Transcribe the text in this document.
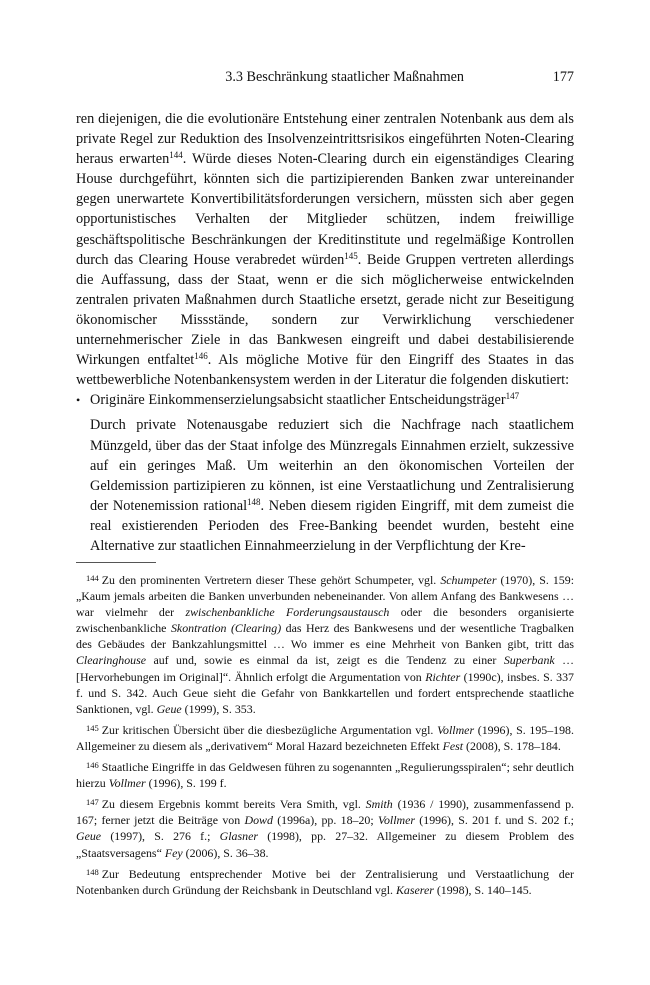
3.3 Beschränkung staatlicher Maßnahmen	177

ren diejenigen, die die evolutionäre Entstehung einer zentralen Notenbank aus dem als private Regel zur Reduktion des Insolvenzeintrittsrisikos eingeführten Noten-Clearing heraus erwarten$^{144}$. Würde dieses Noten-Clearing durch ein eigenständiges Clearing House durchgeführt, könnten sich die partizipierenden Banken zwar untereinander gegen unerwartete Konvertibilitätsforderungen versichern, müssten sich aber gegen opportunistisches Verhalten der Mitglieder schützen, indem freiwillige geschäftspolitische Beschränkungen der Kreditinstitute und regelmäßige Kontrollen durch das Clearing House verabredet würden$^{145}$. Beide Gruppen vertreten allerdings die Auffassung, dass der Staat, wenn er die sich möglicherweise entwickelnden zentralen privaten Maßnahmen durch Staatliche ersetzt, gerade nicht zur Beseitigung ökonomischer Missstände, sondern zur Verwirklichung verschiedener unternehmerischer Ziele in das Bankwesen eingreift und dabei destabilisierende Wirkungen entfaltet$^{146}$. Als mögliche Motive für den Eingriff des Staates in das wettbewerbliche Notenbankensystem werden in der Literatur die folgenden diskutiert:

• Originäre Einkommenserzielungsabsicht staatlicher Entscheidungsträger$^{147}$

Durch private Notenausgabe reduziert sich die Nachfrage nach staatlichem Münzgeld, über das der Staat infolge des Münzregals Einnahmen erzielt, sukzessive auf ein geringes Maß. Um weiterhin an den ökonomischen Vorteilen der Geldemission partizipieren zu können, ist eine Verstaatlichung und Zentralisierung der Notenemission rational$^{148}$. Neben diesem rigiden Eingriff, mit dem zumeist die real existierenden Perioden des Free-Banking beendet wurden, besteht eine Alternative zur staatlichen Einnahmeerzielung in der Verpflichtung der Kre-

$^{144}$ Zu den prominenten Vertretern dieser These gehört Schumpeter, vgl. Schumpeter (1970), S. 159: „Kaum jemals arbeiten die Banken unverbunden nebeneinander. Von allem Anfang des Bankwesens … war vielmehr der zwischenbankliche Forderungsaustausch oder die besonders organisierte zwischenbankliche Skontration (Clearing) das Herz des Bankwesens und der wesentliche Tragbalken des Gebäudes der Bankzahlungsmittel … Wo immer es eine Mehrheit von Banken gibt, tritt das Clearinghouse auf und, sowie es einmal da ist, zeigt es die Tendenz zu einer Superbank … [Hervorhebungen im Original]“. Ähnlich erfolgt die Argumentation von Richter (1990c), insbes. S. 337 f. und S. 342. Auch Geue sieht die Gefahr von Bankkartellen und fordert entsprechende staatliche Sanktionen, vgl. Geue (1999), S. 353.

$^{145}$ Zur kritischen Übersicht über die diesbezügliche Argumentation vgl. Vollmer (1996), S. 195–198. Allgemeiner zu diesem als „derivativem“ Moral Hazard bezeichneten Effekt Fest (2008), S. 178–184.

$^{146}$ Staatliche Eingriffe in das Geldwesen führen zu sogenannten „Regulierungsspiralen“; sehr deutlich hierzu Vollmer (1996), S. 199 f.

$^{147}$ Zu diesem Ergebnis kommt bereits Vera Smith, vgl. Smith (1936 / 1990), zusammenfassend p. 167; ferner jetzt die Beiträge von Dowd (1996a), pp. 18–20; Vollmer (1996), S. 201 f. und S. 202 f.; Geue (1997), S. 276 f.; Glasner (1998), pp. 27–32. Allgemeiner zu diesem Problem des „Staatsversagens“ Fey (2006), S. 36–38.

$^{148}$ Zur Bedeutung entsprechender Motive bei der Zentralisierung und Verstaatlichung der Notenbanken durch Gründung der Reichsbank in Deutschland vgl. Kaserer (1998), S. 140–145.
